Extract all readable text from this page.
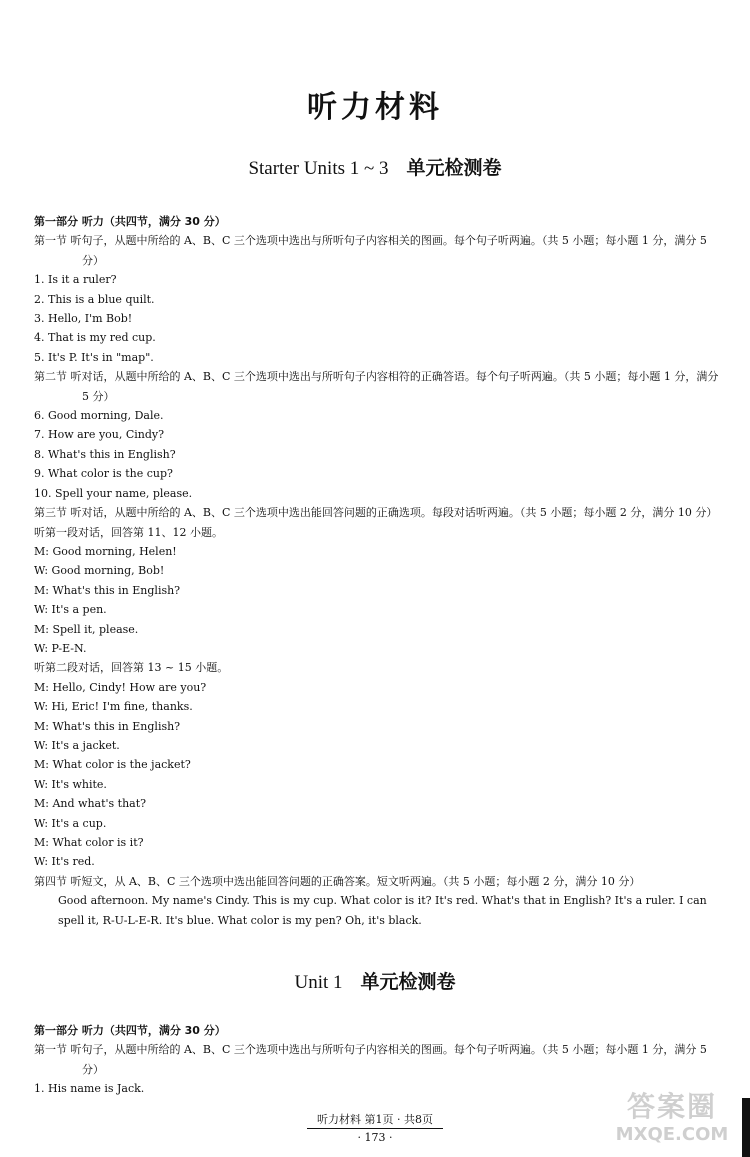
听力材料
Starter Units 1 ~ 3 单元检测卷
第一部分 听力（共四节，满分 30 分）
第一节 听句子，从题中所给的 A、B、C 三个选项中选出与所听句子内容相关的图画。每个句子听两遍。（共 5 小题；每小题 1 分，满分 5 分）
1. Is it a ruler?
2. This is a blue quilt.
3. Hello, I'm Bob!
4. That is my red cup.
5. It's P. It's in "map".
第二节 听对话，从题中所给的 A、B、C 三个选项中选出与所听句子内容相符的正确答语。每个句子听两遍。（共 5 小题；每小题 1 分，满分 5 分）
6. Good morning, Dale.
7. How are you, Cindy?
8. What's this in English?
9. What color is the cup?
10. Spell your name, please.
第三节 听对话，从题中所给的 A、B、C 三个选项中选出能回答问题的正确选项。每段对话听两遍。（共 5 小题；每小题 2 分，满分 10 分）
听第一段对话，回答第 11、12 小题。
M: Good morning, Helen!
W: Good morning, Bob!
M: What's this in English?
W: It's a pen.
M: Spell it, please.
W: P-E-N.
听第二段对话，回答第 13 ~ 15 小题。
M: Hello, Cindy! How are you?
W: Hi, Eric! I'm fine, thanks.
M: What's this in English?
W: It's a jacket.
M: What color is the jacket?
W: It's white.
M: And what's that?
W: It's a cup.
M: What color is it?
W: It's red.
第四节 听短文，从 A、B、C 三个选项中选出能回答问题的正确答案。短文听两遍。（共 5 小题；每小题 2 分，满分 10 分）
Good afternoon. My name's Cindy. This is my cup. What color is it? It's red. What's that in English? It's a ruler. I can spell it, R-U-L-E-R. It's blue. What color is my pen? Oh, it's black.
Unit 1 单元检测卷
第一部分 听力（共四节，满分 30 分）
第一节 听句子，从题中所给的 A、B、C 三个选项中选出与所听句子内容相关的图画。每个句子听两遍。（共 5 小题；每小题 1 分，满分 5 分）
1. His name is Jack.
听力材料 第1页 · 共8页
· 173 ·
答案圈
MXQE.COM
